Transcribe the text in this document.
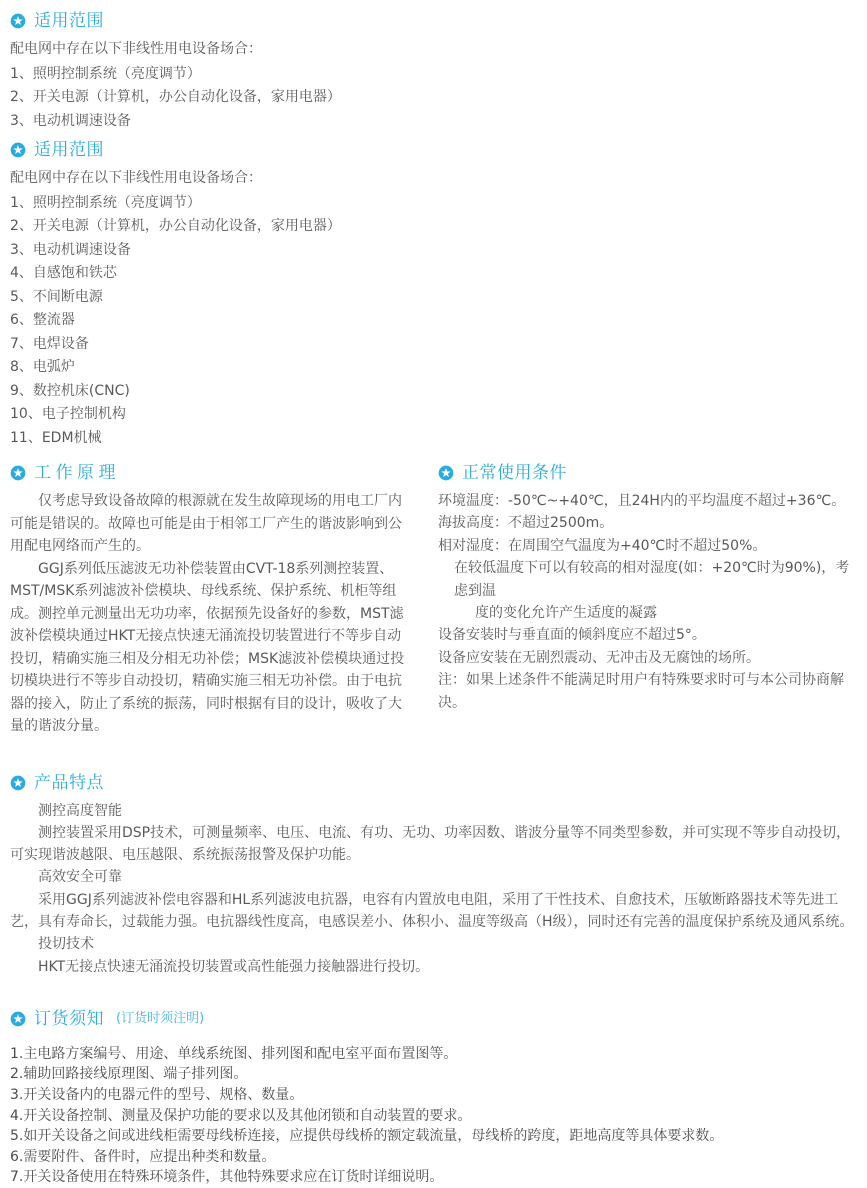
适用范围
配电网中存在以下非线性用电设备场合：
1、照明控制系统（亮度调节）
2、开关电源（计算机，办公自动化设备，家用电器）
3、电动机调速设备
适用范围
配电网中存在以下非线性用电设备场合：
1、照明控制系统（亮度调节）
2、开关电源（计算机，办公自动化设备，家用电器）
3、电动机调速设备
4、自感饱和铁芯
5、不间断电源
6、整流器
7、电焊设备
8、电弧炉
9、数控机床(CNC)
10、电子控制机构
11、EDM机械
工作原理
仅考虑导致设备故障的根源就在发生故障现场的用电工厂内可能是错误的。故障也可能是由于相邻工厂产生的谐波影响到公用配电网络而产生的。
GGJ系列低压滤波无功补偿装置由CVT-18系列测控装置、MST/MSK系列滤波补偿模块、母线系统、保护系统、机柜等组成。测控单元测量出无功功率，依据预先设备好的参数，MST滤波补偿模块通过HKT无接点快速无涌流投切装置进行不等步自动投切，精确实施三相及分相无功补偿；MSK滤波补偿模块通过投切模块进行不等步自动投切，精确实施三相无功补偿。由于电抗器的接入，防止了系统的振荡，同时根据有目的设计，吸收了大量的谐波分量。
正常使用条件
环境温度：-50℃~+40℃，且24H内的平均温度不超过+36℃。
海拔高度：不超过2500m。
相对湿度：在周围空气温度为+40℃时不超过50%。
在较低温度下可以有较高的相对湿度(如：+20℃时为90%)，考虑到温
度的变化允许产生适度的凝露
设备安装时与垂直面的倾斜度应不超过5°。
设备应安装在无剧烈震动、无冲击及无腐蚀的场所。
注：如果上述条件不能满足时用户有特殊要求时可与本公司协商解决。
产品特点
测控高度智能
测控装置采用DSP技术，可测量频率、电压、电流、有功、无功、功率因数、谐波分量等不同类型参数，并可实现不等步自动投切，可实现谐波越限、电压越限、系统振荡报警及保护功能。
高效安全可靠
采用GGJ系列滤波补偿电容器和HL系列滤波电抗器，电容有内置放电电阻，采用了干性技术、自愈技术，压敏断路器技术等先进工艺，具有寿命长，过载能力强。电抗器线性度高，电感误差小、体积小、温度等级高（H级），同时还有完善的温度保护系统及通风系统。
投切技术
HKT无接点快速无涌流投切装置或高性能强力接触器进行投切。
订货须知 (订货时须注明)
1.主电路方案编号、用途、单线系统图、排列图和配电室平面布置图等。
2.辅助回路接线原理图、端子排列图。
3.开关设备内的电器元件的型号、规格、数量。
4.开关设备控制、测量及保护功能的要求以及其他闭锁和自动装置的要求。
5.如开关设备之间或进线柜需要母线桥连接，应提供母线桥的额定载流量，母线桥的跨度，距地高度等具体要求数。
6.需要附件、备件时，应提出种类和数量。
7.开关设备使用在特殊环境条件，其他特殊要求应在订货时详细说明。
